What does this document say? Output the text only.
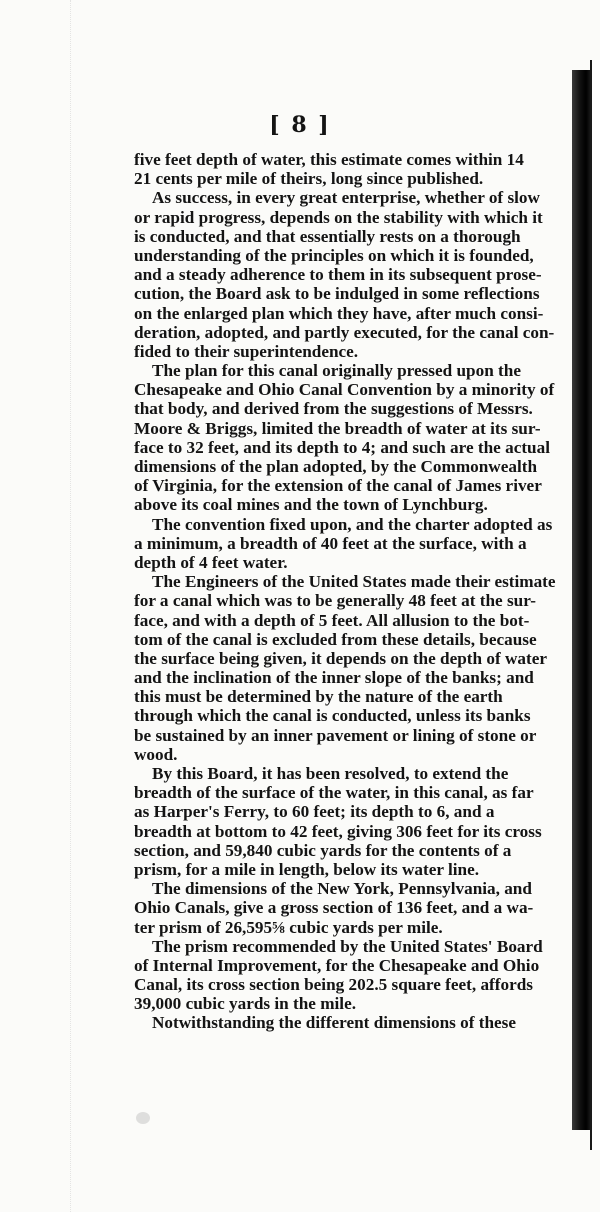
[ 8 ]
five feet depth of water, this estimate comes within 14
21 cents per mile of theirs, long since published.
As success, in every great enterprise, whether of slow
or rapid progress, depends on the stability with which it
is conducted, and that essentially rests on a thorough
understanding of the principles on which it is founded,
and a steady adherence to them in its subsequent prose-
cution, the Board ask to be indulged in some reflections
on the enlarged plan which they have, after much consi-
deration, adopted, and partly executed, for the canal con-
fided to their superintendence.
The plan for this canal originally pressed upon the
Chesapeake and Ohio Canal Convention by a minority of
that body, and derived from the suggestions of Messrs.
Moore & Briggs, limited the breadth of water at its sur-
face to 32 feet, and its depth to 4; and such are the actual
dimensions of the plan adopted, by the Commonwealth
of Virginia, for the extension of the canal of James river
above its coal mines and the town of Lynchburg.
The convention fixed upon, and the charter adopted as
a minimum, a breadth of 40 feet at the surface, with a
depth of 4 feet water.
The Engineers of the United States made their estimate
for a canal which was to be generally 48 feet at the sur-
face, and with a depth of 5 feet. All allusion to the bot-
tom of the canal is excluded from these details, because
the surface being given, it depends on the depth of water
and the inclination of the inner slope of the banks; and
this must be determined by the nature of the earth
through which the canal is conducted, unless its banks
be sustained by an inner pavement or lining of stone or
wood.
By this Board, it has been resolved, to extend the
breadth of the surface of the water, in this canal, as far
as Harper's Ferry, to 60 feet; its depth to 6, and a
breadth at bottom to 42 feet, giving 306 feet for its cross
section, and 59,840 cubic yards for the contents of a
prism, for a mile in length, below its water line.
The dimensions of the New York, Pennsylvania, and
Ohio Canals, give a gross section of 136 feet, and a wa-
ter prism of 26,595⅝ cubic yards per mile.
The prism recommended by the United States' Board
of Internal Improvement, for the Chesapeake and Ohio
Canal, its cross section being 202.5 square feet, affords
39,000 cubic yards in the mile.
Notwithstanding the different dimensions of these
